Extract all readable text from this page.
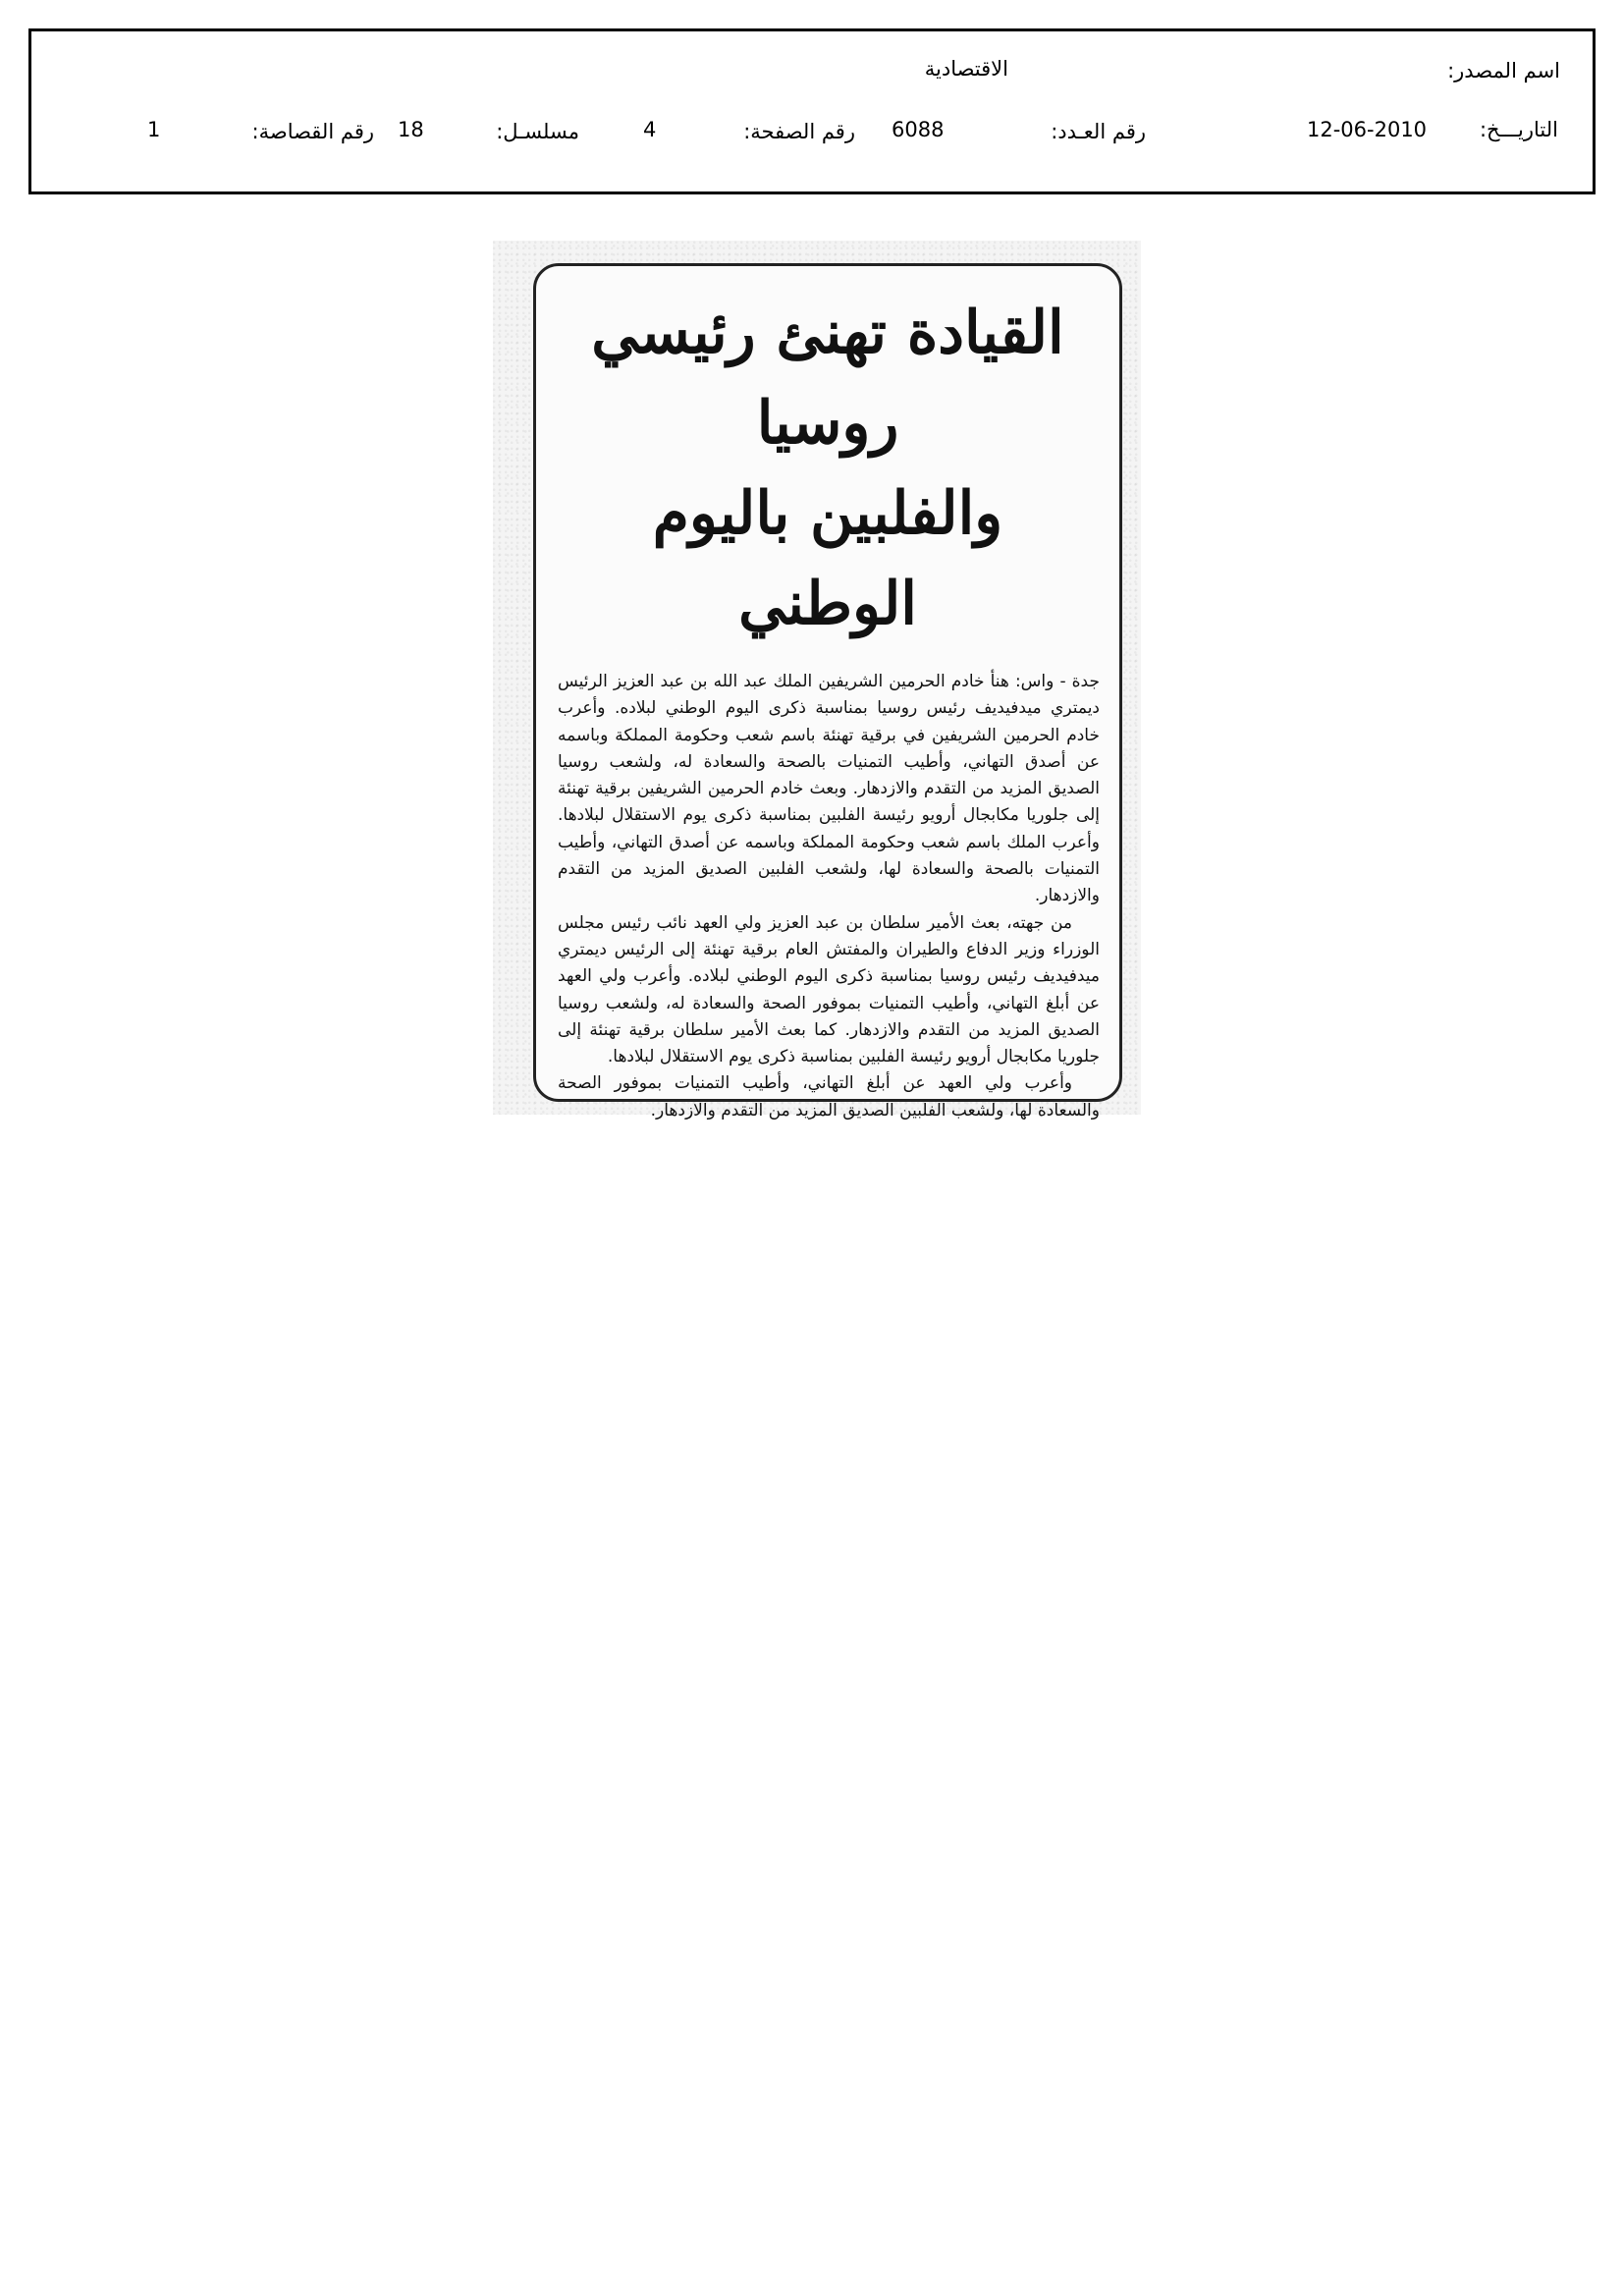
اسم المصدر:
الاقتصادية
التاريـــخ:
12-06-2010
رقم العـدد:
6088
رقم الصفحة:
4
مسلسـل:
18
رقم القصاصة:
1
القيادة تهنئ رئيسي روسيا
والفلبين باليوم الوطني

جدة - واس: هنأ خادم الحرمين الشريفين الملك عبد الله بن عبد العزيز الرئيس ديمتري ميدفيديف رئيس روسيا بمناسبة ذكرى اليوم الوطني لبلاده. وأعرب خادم الحرمين الشريفين في برقية تهنئة باسم شعب وحكومة المملكة وباسمه عن أصدق التهاني، وأطيب التمنيات بالصحة والسعادة له، ولشعب روسيا الصديق المزيد من التقدم والازدهار. وبعث خادم الحرمين الشريفين برقية تهنئة إلى جلوريا مكابجال أرويو رئيسة الفلبين بمناسبة ذكرى يوم الاستقلال لبلادها. وأعرب الملك باسم شعب وحكومة المملكة وباسمه عن أصدق التهاني، وأطيب التمنيات بالصحة والسعادة لها، ولشعب الفلبين الصديق المزيد من التقدم والازدهار.

من جهته، بعث الأمير سلطان بن عبد العزيز ولي العهد نائب رئيس مجلس الوزراء وزير الدفاع والطيران والمفتش العام برقية تهنئة إلى الرئيس ديمتري ميدفيديف رئيس روسيا بمناسبة ذكرى اليوم الوطني لبلاده. وأعرب ولي العهد عن أبلغ التهاني، وأطيب التمنيات بموفور الصحة والسعادة له، ولشعب روسيا الصديق المزيد من التقدم والازدهار. كما بعث الأمير سلطان برقية تهنئة إلى جلوريا مكابجال أرويو رئيسة الفلبين بمناسبة ذكرى يوم الاستقلال لبلادها.

وأعرب ولي العهد عن أبلغ التهاني، وأطيب التمنيات بموفور الصحة والسعادة لها، ولشعب الفلبين الصديق المزيد من التقدم والازدهار.
